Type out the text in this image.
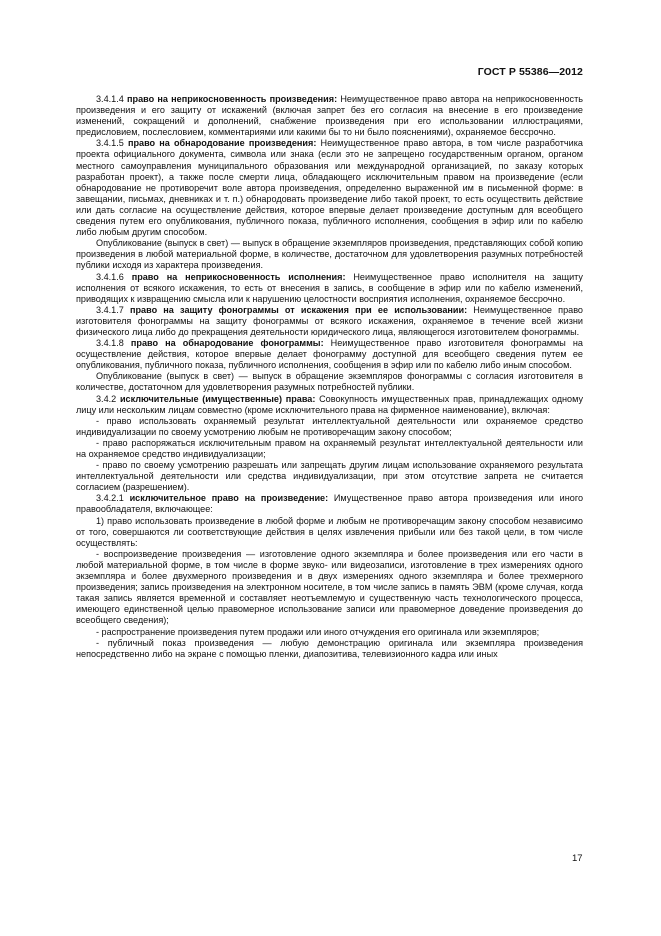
ГОСТ Р 55386—2012

3.4.1.4 право на неприкосновенность произведения: Неимущественное право автора на неприкосновенность произведения и его защиту от искажений (включая запрет без его согласия на внесение в его произведение изменений, сокращений и дополнений, снабжение произведения при его использовании иллюстрациями, предисловием, послесловием, комментариями или какими бы то ни было пояснениями), охраняемое бессрочно.

3.4.1.5 право на обнародование произведения: Неимущественное право автора, в том числе разработчика проекта официального документа, символа или знака (если это не запрещено государственным органом, органом местного самоуправления муниципального образования или международной организацией, по заказу которых разработан проект), а также после смерти лица, обладающего исключительным правом на произведение (если обнародование не противоречит воле автора произведения, определенно выраженной им в письменной форме: в завещании, письмах, дневниках и т. п.) обнародовать произведение либо такой проект, то есть осуществить действие или дать согласие на осуществление действия, которое впервые делает произведение доступным для всеобщего сведения путем его опубликования, публичного показа, публичного исполнения, сообщения в эфир или по кабелю либо любым другим способом.

Опубликование (выпуск в свет) — выпуск в обращение экземпляров произведения, представляющих собой копию произведения в любой материальной форме, в количестве, достаточном для удовлетворения разумных потребностей публики исходя из характера произведения.

3.4.1.6 право на неприкосновенность исполнения: Неимущественное право исполнителя на защиту исполнения от всякого искажения, то есть от внесения в запись, в сообщение в эфир или по кабелю изменений, приводящих к извращению смысла или к нарушению целостности восприятия исполнения, охраняемое бессрочно.

3.4.1.7 право на защиту фонограммы от искажения при ее использовании: Неимущественное право изготовителя фонограммы на защиту фонограммы от всякого искажения, охраняемое в течение всей жизни физического лица либо до прекращения деятельности юридического лица, являющегося изготовителем фонограммы.

3.4.1.8 право на обнародование фонограммы: Неимущественное право изготовителя фонограммы на осуществление действия, которое впервые делает фонограмму доступной для всеобщего сведения путем ее опубликования, публичного показа, публичного исполнения, сообщения в эфир или по кабелю либо иным способом.

Опубликование (выпуск в свет) — выпуск в обращение экземпляров фонограммы с согласия изготовителя в количестве, достаточном для удовлетворения разумных потребностей публики.

3.4.2 исключительные (имущественные) права: Совокупность имущественных прав, принадлежащих одному лицу или нескольким лицам совместно (кроме исключительного права на фирменное наименование), включая:

- право использовать охраняемый результат интеллектуальной деятельности или охраняемое средство индивидуализации по своему усмотрению любым не противоречащим закону способом;

- право распоряжаться исключительным правом на охраняемый результат интеллектуальной деятельности или на охраняемое средство индивидуализации;

- право по своему усмотрению разрешать или запрещать другим лицам использование охраняемого результата интеллектуальной деятельности или средства индивидуализации, при этом отсутствие запрета не считается согласием (разрешением).

3.4.2.1 исключительное право на произведение: Имущественное право автора произведения или иного правообладателя, включающее:

1) право использовать произведение в любой форме и любым не противоречащим закону способом независимо от того, совершаются ли соответствующие действия в целях извлечения прибыли или без такой цели, в том числе осуществлять:

- воспроизведение произведения — изготовление одного экземпляра и более произведения или его части в любой материальной форме, в том числе в форме звуко- или видеозаписи, изготовление в трех измерениях одного экземпляра и более двухмерного произведения и в двух измерениях одного экземпляра и более трехмерного произведения; запись произведения на электронном носителе, в том числе запись в память ЭВМ (кроме случая, когда такая запись является временной и составляет неотъемлемую и существенную часть технологического процесса, имеющего единственной целью правомерное использование записи или правомерное доведение произведения до всеобщего сведения);

- распространение произведения путем продажи или иного отчуждения его оригинала или экземпляров;

- публичный показ произведения — любую демонстрацию оригинала или экземпляра произведения непосредственно либо на экране с помощью пленки, диапозитива, телевизионного кадра или иных

17
